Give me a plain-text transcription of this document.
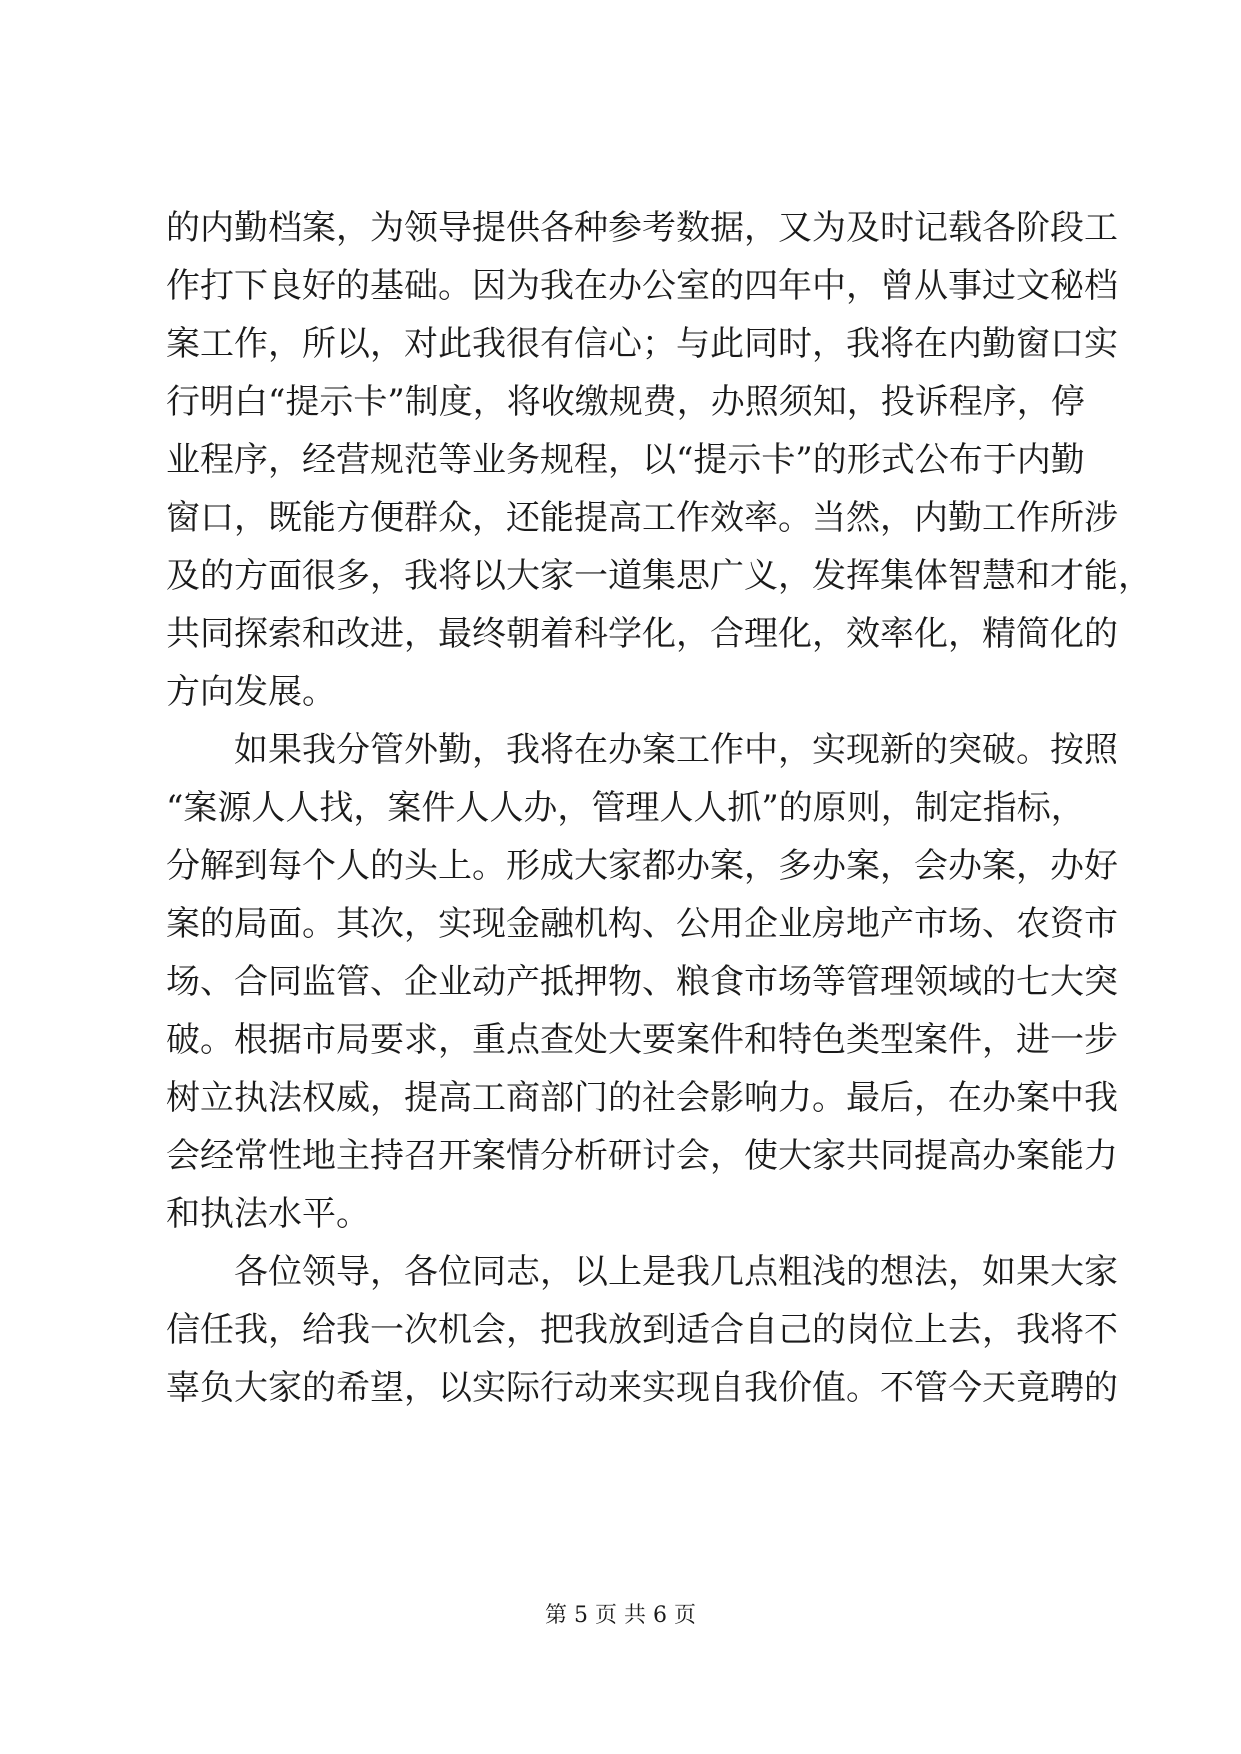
的内勤档案，为领导提供各种参考数据，又为及时记载各阶段工
作打下良好的基础。因为我在办公室的四年中，曾从事过文秘档
案工作，所以，对此我很有信心；与此同时，我将在内勤窗口实
行明白“提示卡”制度，将收缴规费，办照须知，投诉程序，停
业程序，经营规范等业务规程，以“提示卡”的形式公布于内勤
窗口，既能方便群众，还能提高工作效率。当然，内勤工作所涉
及的方面很多，我将以大家一道集思广义，发挥集体智慧和才能，
共同探索和改进，最终朝着科学化，合理化，效率化，精简化的
方向发展。
如果我分管外勤，我将在办案工作中，实现新的突破。按照
“案源人人找，案件人人办，管理人人抓”的原则，制定指标，
分解到每个人的头上。形成大家都办案，多办案，会办案，办好
案的局面。其次，实现金融机构、公用企业房地产市场、农资市
场、合同监管、企业动产抵押物、粮食市场等管理领域的七大突
破。根据市局要求，重点查处大要案件和特色类型案件，进一步
树立执法权威，提高工商部门的社会影响力。最后，在办案中我
会经常性地主持召开案情分析研讨会，使大家共同提高办案能力
和执法水平。
各位领导，各位同志，以上是我几点粗浅的想法，如果大家
信任我，给我一次机会，把我放到适合自己的岗位上去，我将不
辜负大家的希望，以实际行动来实现自我价值。不管今天竟聘的
第 5 页 共 6 页
